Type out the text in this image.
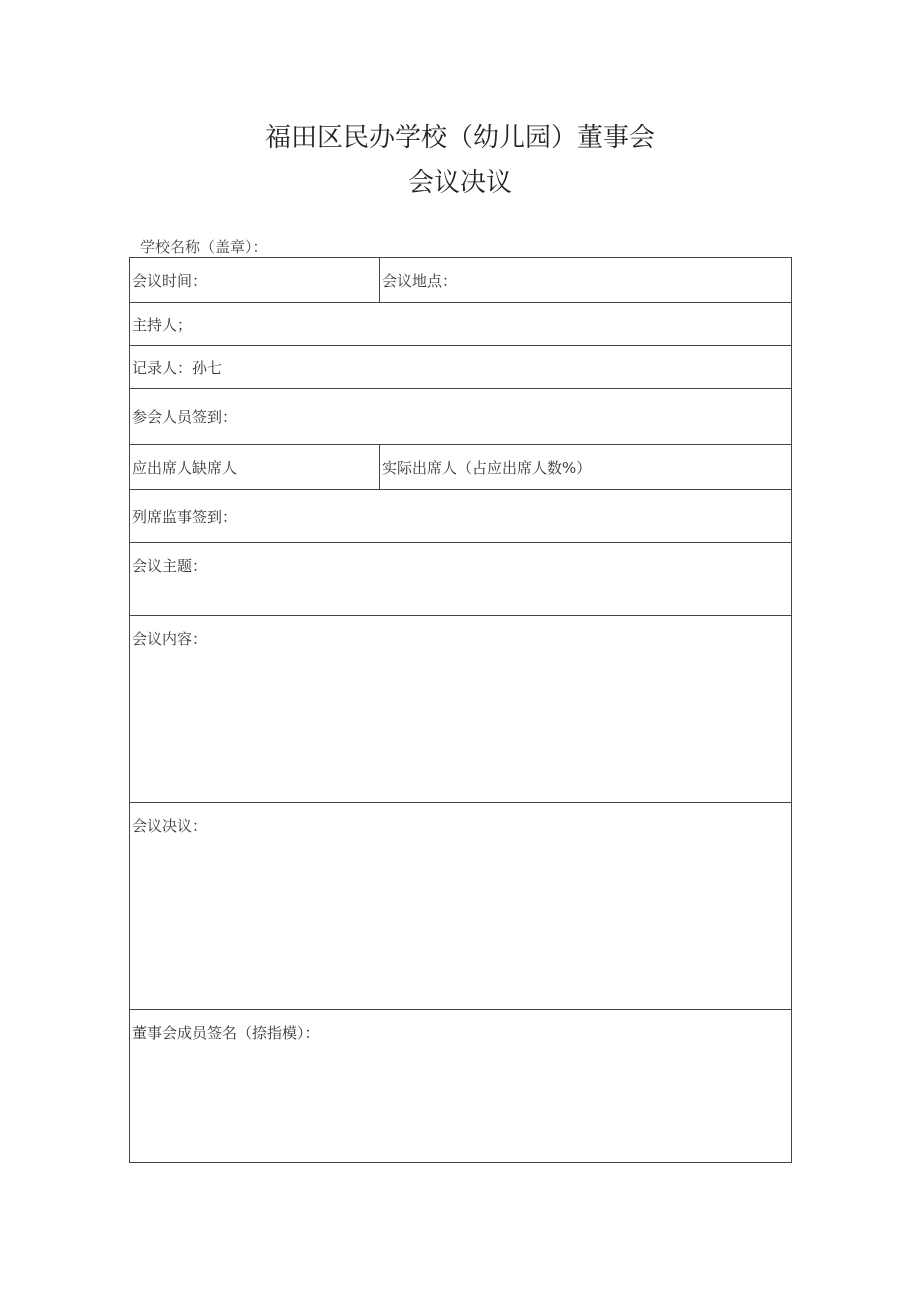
福田区民办学校（幼儿园）董事会
会议决议
学校名称（盖章）：
会议时间：	会议地点：

主持人；	

记录人：孙七	

参会人员签到：	

应出席人缺席人	实际出席人（占应出席人数%）

列席监事签到：	

会议主题：	

会议内容：	

会议决议：	

董事会成员签名（捺指模）：	
